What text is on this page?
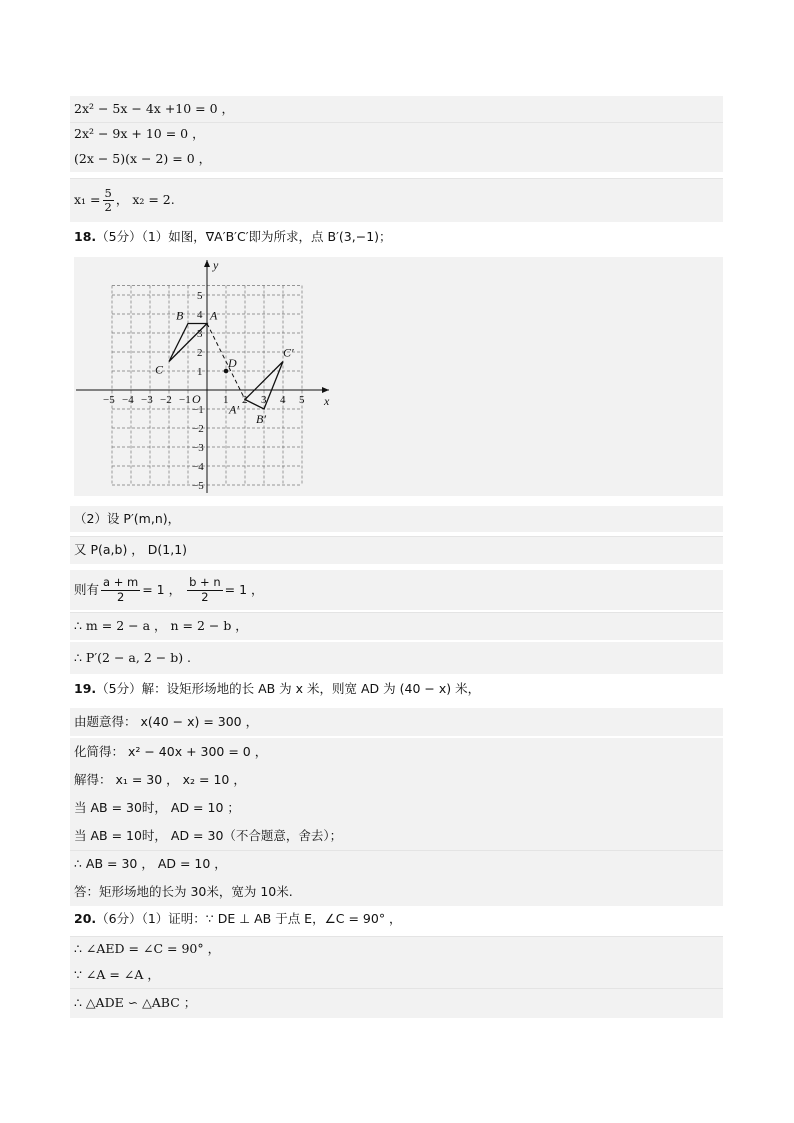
2x² − 5x − 4x +10 = 0 ，
2x² − 9x + 10 = 0 ，
(2x − 5)(x − 2) = 0 ，
$x_1 = \frac{5}{2}$ ， x₂ = 2.
18. （5分）（1）如图，∇A′B′C′即为所求，点 B′(3,−1)；
x
y
O
−5 −4 −3 −2 −1	1 2 3 4 5
5
4
3
2
1
−1
−2
−3
−4
−5
A
B
C	D
A′
B′
C′
（2）设 P′(m,n)，
又 P(a,b) ， D(1,1)
则有 $\frac{a + m}{2} = 1$ ，
$\frac{b + n}{2} = 1$ ，
∴ m = 2 − a ， n = 2 − b ，
∴ P′(2 − a, 2 − b) .
19. （5分）解：设矩形场地的长 AB 为 x 米，则宽 AD 为 (40 − x) 米，
由题意得： x(40 − x) = 300 ，
化简得： x² − 40x + 300 = 0 ，
解得： x₁ = 30 ， x₂ = 10 ，
当 AB = 30时， AD = 10 ；
当 AB = 10时， AD = 30（不合题意，舍去）；
∴ AB = 30 ， AD = 10 ，
答：矩形场地的长为 30米，宽为 10米.
20. （6分）（1）证明：∵ DE ⊥ AB 于点 E，∠C = 90° ，
∴ ∠AED = ∠C = 90° ，
∵ ∠A = ∠A ，
∴ △ADE ∽ △ABC ；
